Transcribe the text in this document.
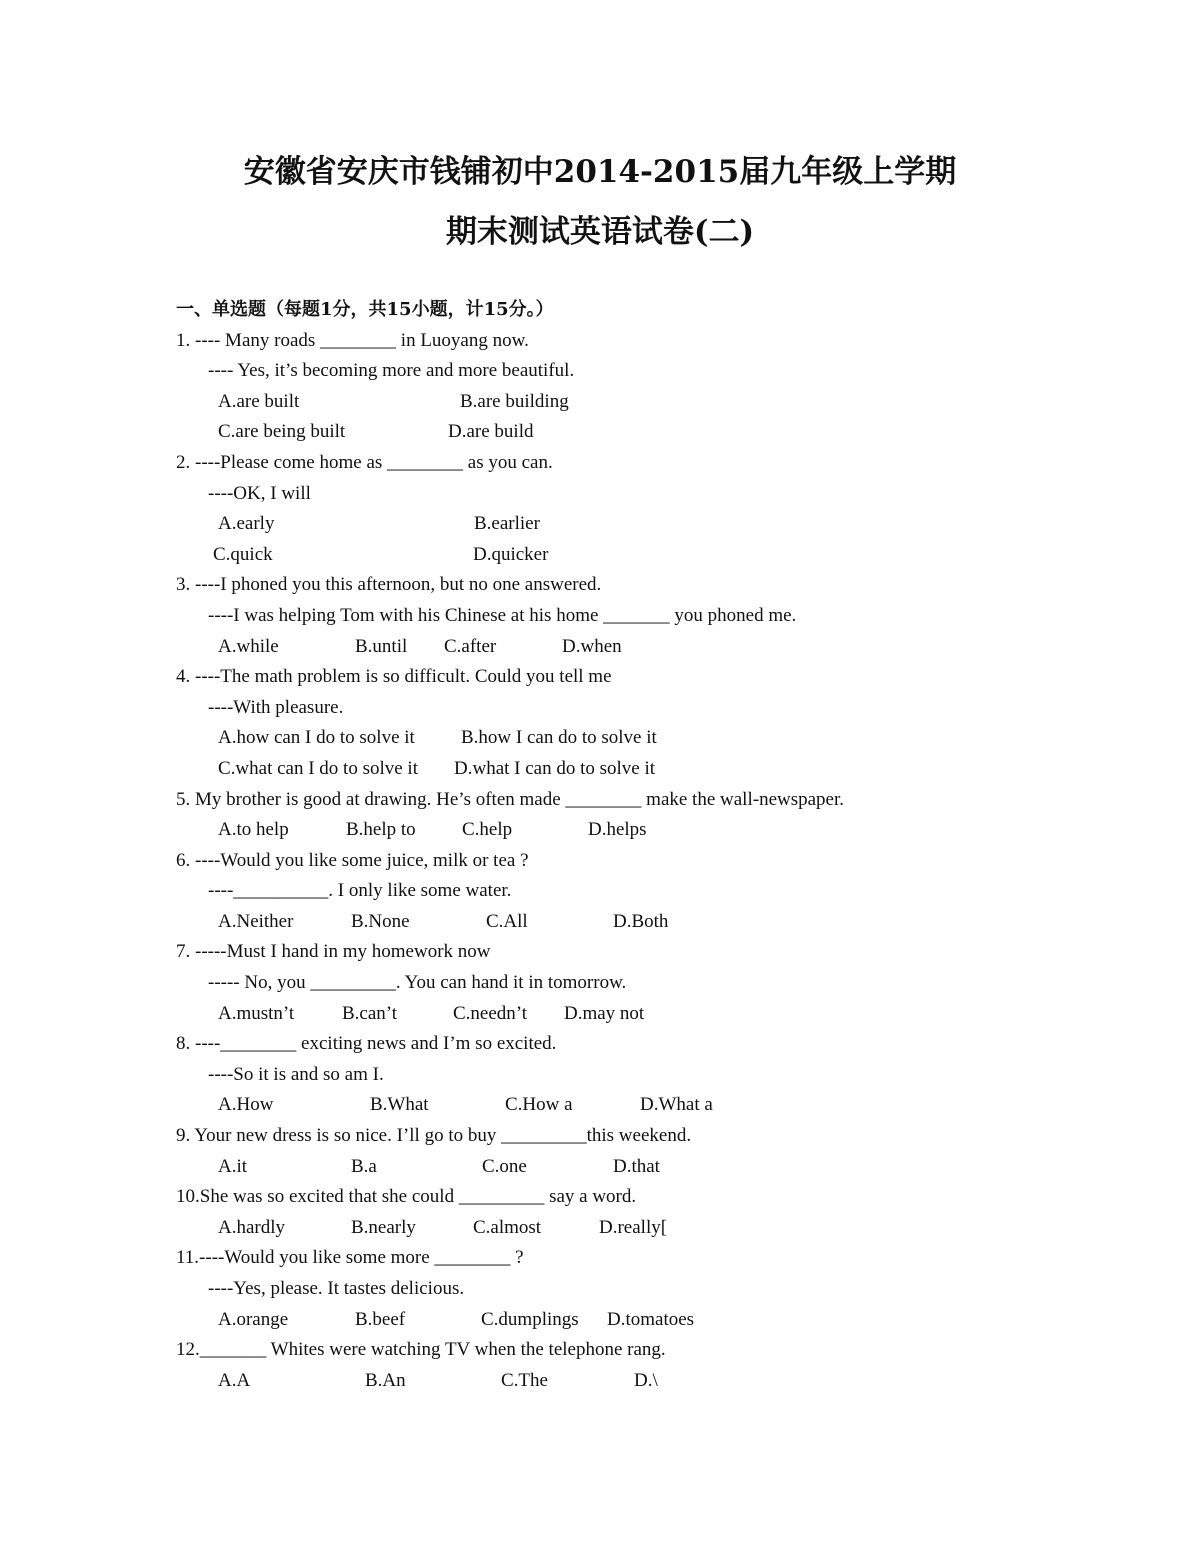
安徽省安庆市钱铺初中2014-2015届九年级上学期
期末测试英语试卷(二)
一、单选题（每题1分，共15小题，计15分。）
1. ---- Many roads ________ in Luoyang now.
---- Yes, it’s becoming more and more beautiful.
A.are built	B.are building
C.are being built	D.are build
2. ----Please come home as ________ as you can.
----OK, I will
A.early	B.earlier
C.quick	D.quicker
3. ----I phoned you this afternoon, but no one answered.
----I was helping Tom with his Chinese at his home _______ you phoned me.
A.while	B.until C.after	D.when
4. ----The math problem is so difficult. Could you tell me
----With pleasure.
A.how can I do to solve it B.how I can do to solve it
C.what can I do to solve it D.what I can do to solve it
5. My brother is good at drawing. He’s often made ________ make the wall-newspaper.
A.to help	B.help to C.help	D.helps
6. ----Would you like some juice, milk or tea ?
----__________. I only like some water.
A.Neither	B.None	C.All	D.Both
7. -----Must I hand in my homework now
----- No, you _________. You can hand it in tomorrow.
A.mustn’t	B.can’t	C.needn’t D.may not
8. ----________ exciting news and I’m so excited.
----So it is and so am I.
A.How	B.What	C.How a	D.What a
9. Your new dress is so nice. I’ll go to buy _________this weekend.
A.it	B.a	C.one	D.that
10.She was so excited that she could _________ say a word.
A.hardly	B.nearly	C.almost	D.really[
11.----Would you like some more ________ ?
----Yes, please. It tastes delicious.
A.orange	B.beef	C.dumplings D.tomatoes
12._______ Whites were watching TV when the telephone rang.
A.A	B.An	C.The	D.\
